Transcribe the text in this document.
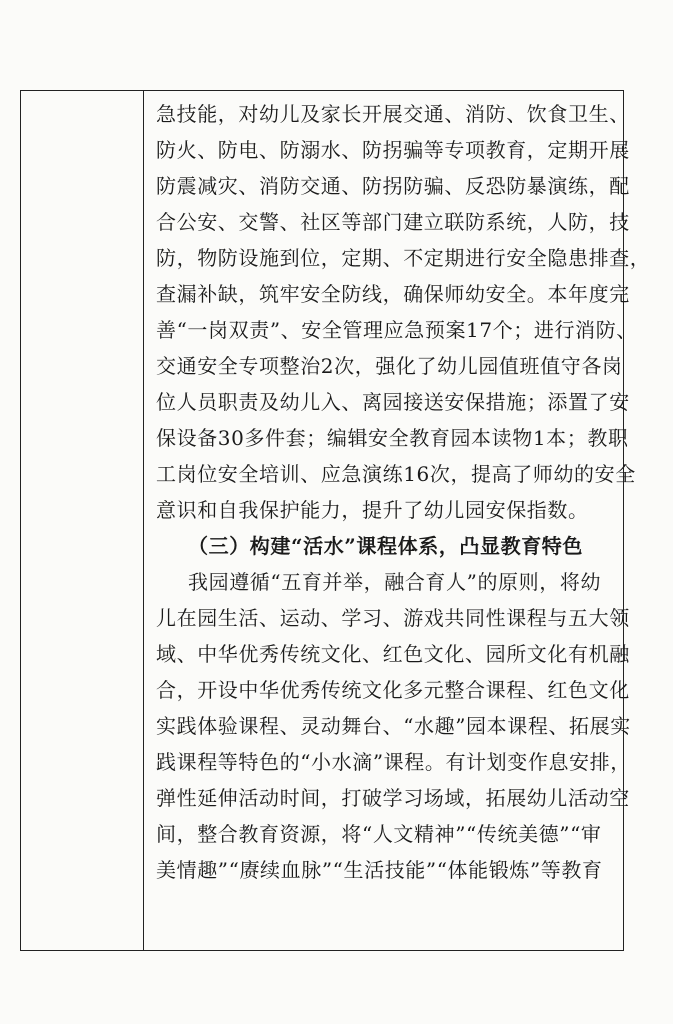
急技能，对幼儿及家长开展交通、消防、饮食卫生、
防火、防电、防溺水、防拐骗等专项教育，定期开展
防震减灾、消防交通、防拐防骗、反恐防暴演练，配
合公安、交警、社区等部门建立联防系统，人防，技
防，物防设施到位，定期、不定期进行安全隐患排查，
查漏补缺，筑牢安全防线，确保师幼安全。本年度完
善“一岗双责”、安全管理应急预案17个；进行消防、
交通安全专项整治2次，强化了幼儿园值班值守各岗
位人员职责及幼儿入、离园接送安保措施；添置了安
保设备30多件套；编辑安全教育园本读物1本；教职
工岗位安全培训、应急演练16次，提高了师幼的安全
意识和自我保护能力，提升了幼儿园安保指数。
（三）构建“活水”课程体系，凸显教育特色
我园遵循“五育并举，融合育人”的原则，将幼
儿在园生活、运动、学习、游戏共同性课程与五大领
域、中华优秀传统文化、红色文化、园所文化有机融
合，开设中华优秀传统文化多元整合课程、红色文化
实践体验课程、灵动舞台、“水趣”园本课程、拓展实
践课程等特色的“小水滴”课程。有计划变作息安排，
弹性延伸活动时间，打破学习场域，拓展幼儿活动空
间，整合教育资源，将“人文精神”“传统美德”“审
美情趣”“赓续血脉”“生活技能”“体能锻炼”等教育
